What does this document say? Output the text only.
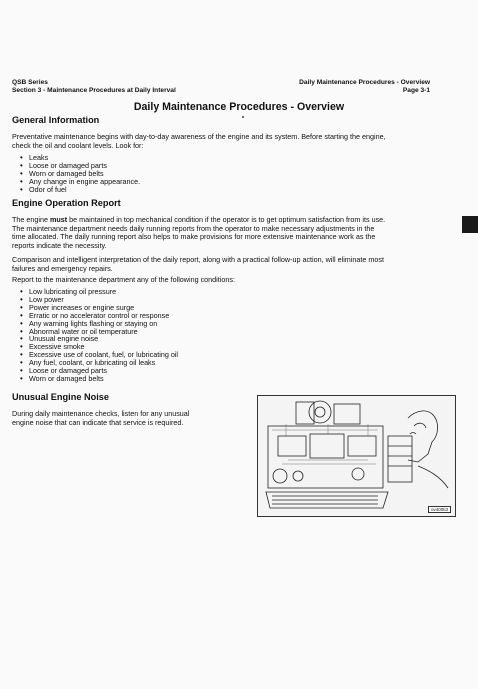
QSB Series
Section 3 - Maintenance Procedures at Daily Interval
Daily Maintenance Procedures - Overview
Page 3-1
Daily Maintenance Procedures - Overview
General Information
Preventative maintenance begins with day-to-day awareness of the engine and its system. Before starting the engine,
check the oil and coolant levels. Look for:
• Leaks
• Loose or damaged parts
• Worn or damaged belts
• Any change in engine appearance.
• Odor of fuel
Engine Operation Report
The engine must be maintained in top mechanical condition if the operator is to get optimum satisfaction from its use.
The maintenance department needs daily running reports from the operator to make necessary adjustments in the
time allocated. The daily running report also helps to make provisions for more extensive maintenance work as the
reports indicate the necessity.
Comparison and intelligent interpretation of the daily report, along with a practical follow-up action, will eliminate most
failures and emergency repairs.
Report to the maintenance department any of the following conditions:
• Low lubricating oil pressure
• Low power
• Power increases or engine surge
• Erratic or no accelerator control or response
• Any warning lights flashing or staying on
• Abnormal water or oil temperature
• Unusual engine noise
• Excessive smoke
• Excessive use of coolant, fuel, or lubricating oil
• Any fuel, coolant, or lubricating oil leaks
• Loose or damaged parts
• Worn or damaged belts
Unusual Engine Noise
During daily maintenance checks, listen for any unusual
engine noise that can indicate that service is required.
ov400ti3
